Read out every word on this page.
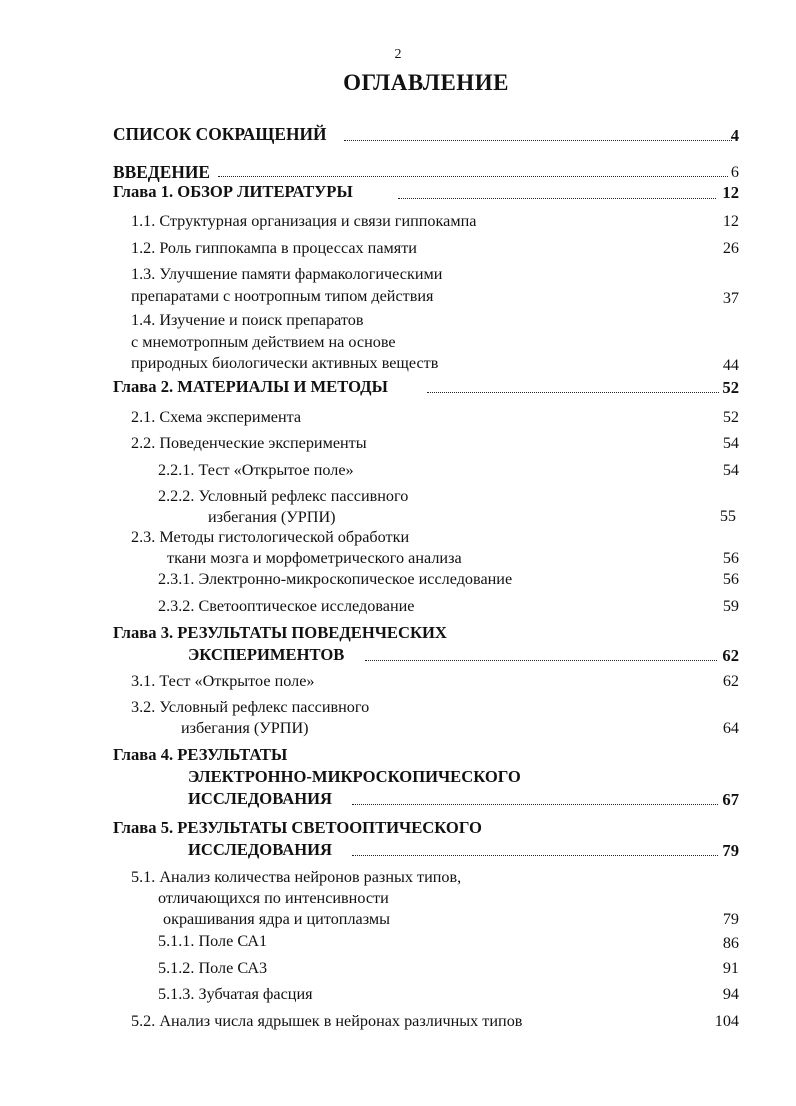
2
ОГЛАВЛЕНИЕ
СПИСОК СОКРАЩЕНИЙ	4
ВВЕДЕНИЕ	6
Глава 1. ОБЗОР ЛИТЕРАТУРЫ	12
1.1. Структурная организация и связи гиппокампа	12
1.2. Роль гиппокампа в процессах памяти	26
1.3. Улучшение памяти фармакологическими
препаратами с ноотропным типом действия	37
1.4. Изучение и поиск препаратов
с мнемотропным действием на основе
природных биологически активных веществ	44
Глава 2. МАТЕРИАЛЫ И МЕТОДЫ	52
2.1. Схема эксперимента	52
2.2. Поведенческие эксперименты	54
2.2.1. Тест «Открытое поле»	54
2.2.2. Условный рефлекс пассивного
избегания (УРПИ)	55
2.3. Методы гистологической обработки
ткани мозга и морфометрического анализа	56
2.3.1. Электронно-микроскопическое исследование	56
2.3.2. Светооптическое исследование	59
Глава 3. РЕЗУЛЬТАТЫ ПОВЕДЕНЧЕСКИХ
ЭКСПЕРИМЕНТОВ	62
3.1. Тест «Открытое поле»	62
3.2. Условный рефлекс пассивного
избегания (УРПИ)	64
Глава 4. РЕЗУЛЬТАТЫ
ЭЛЕКТРОННО-МИКРОСКОПИЧЕСКОГО
ИССЛЕДОВАНИЯ	67
Глава 5. РЕЗУЛЬТАТЫ СВЕТООПТИЧЕСКОГО
ИССЛЕДОВАНИЯ	79
5.1. Анализ количества нейронов разных типов,
отличающихся по интенсивности
окрашивания ядра и цитоплазмы	79
5.1.1. Поле СА1	86
5.1.2. Поле СА3	91
5.1.3. Зубчатая фасция	94
5.2. Анализ числа ядрышек в нейронах различных типов	104
